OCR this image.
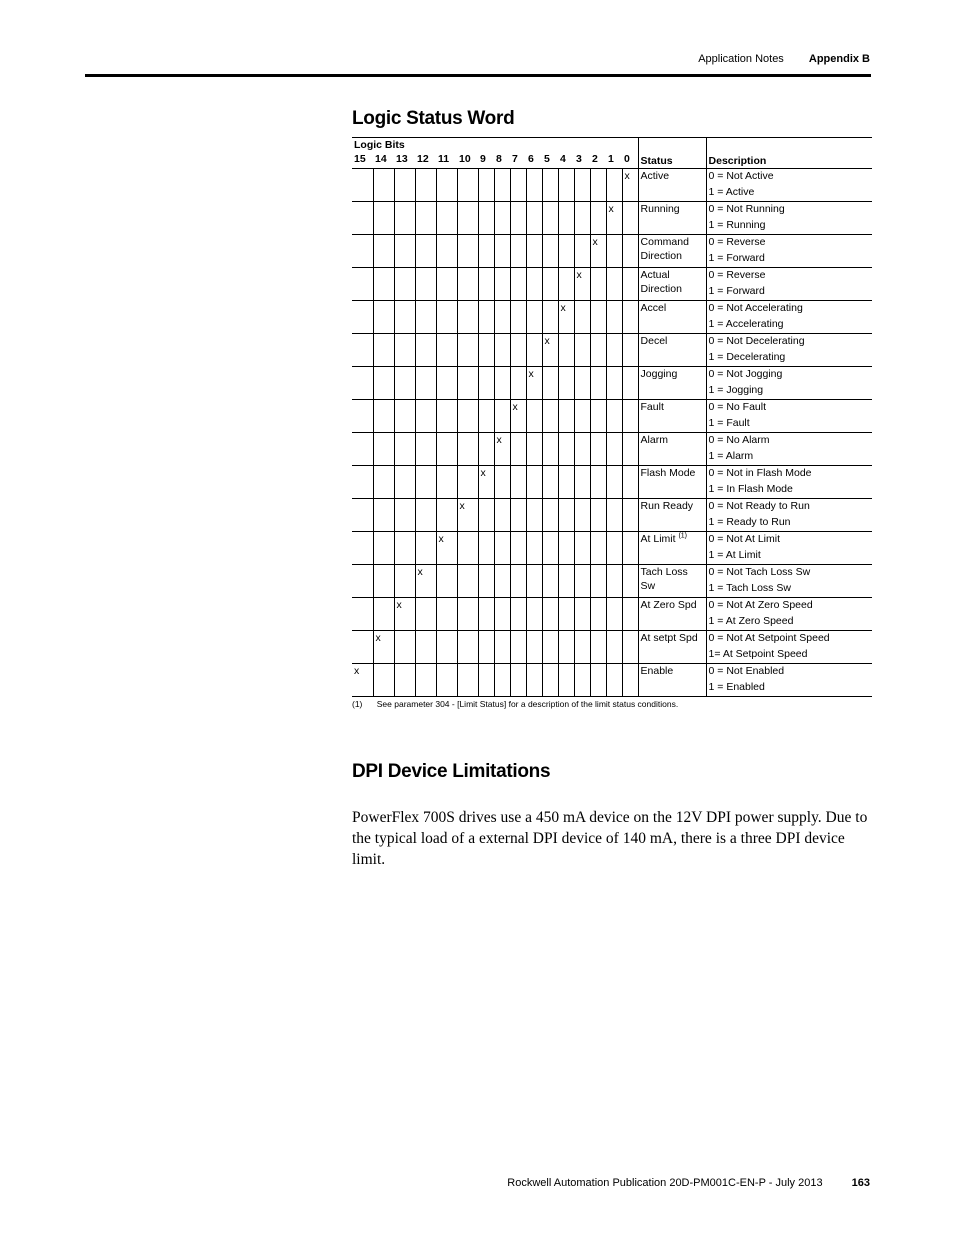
Application Notes Appendix B
Logic Status Word
Logic Bits																Status	Description
15	14	13	12	11	10	9	8	7	6	5	4	3	2	1	0		
															x	Active	0 = Not Active
1 = Active

														x		Running	0 = Not Running
1 = Running

													x			Command Direction	0 = Reverse
1 = Forward

												x				Actual Direction	0 = Reverse
1 = Forward

											x					Accel	0 = Not Accelerating
1 = Accelerating

										x						Decel	0 = Not Decelerating
1 = Decelerating

									x							Jogging	0 = Not Jogging
1 = Jogging

								x								Fault	0 = No Fault
1 = Fault

							x									Alarm	0 = No Alarm
1 = Alarm

						x										Flash Mode	0 = Not in Flash Mode
1 = In Flash Mode

					x											Run Ready	0 = Not Ready to Run
1 = Ready to Run

				x												At Limit $^{(1)}$	0 = Not At Limit
1 = At Limit

			x													Tach Loss Sw	0 = Not Tach Loss Sw
1 = Tach Loss Sw

		x														At Zero Spd	0 = Not At Zero Speed
1 = At Zero Speed

	x															At setpt Spd	0 = Not At Setpoint Speed
1= At Setpoint Speed

x																Enable	0 = Not Enabled
1 = Enabled
(1) See parameter 304 - [Limit Status] for a description of the limit status conditions.
DPI Device Limitations

PowerFlex 700S drives use a 450 mA device on the 12V DPI power supply. Due to the typical load of a external DPI device of 140 mA, there is a three DPI device limit.

Rockwell Automation Publication 20D-PM001C-EN-P - July 2013	163
